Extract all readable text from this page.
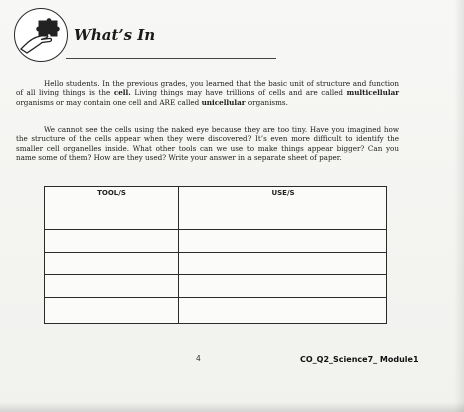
What’s In
Hello students. In the previous grades, you learned that the basic unit of structure and function of all living things is the cell. Living things may have trillions of cells and are called multicellular organisms or may contain one cell and ARE called unicellular organisms.
We cannot see the cells using the naked eye because they are too tiny. Have you imagined how the structure of the cells appear when they were discovered? It’s even more difficult to identify the smaller cell organelles inside. What other tools can we use to make things appear bigger? Can you name some of them? How are they used? Write your answer in a separate sheet of paper.
TOOL/S	USE/S
4	CO_Q2_Science7_ Module1
